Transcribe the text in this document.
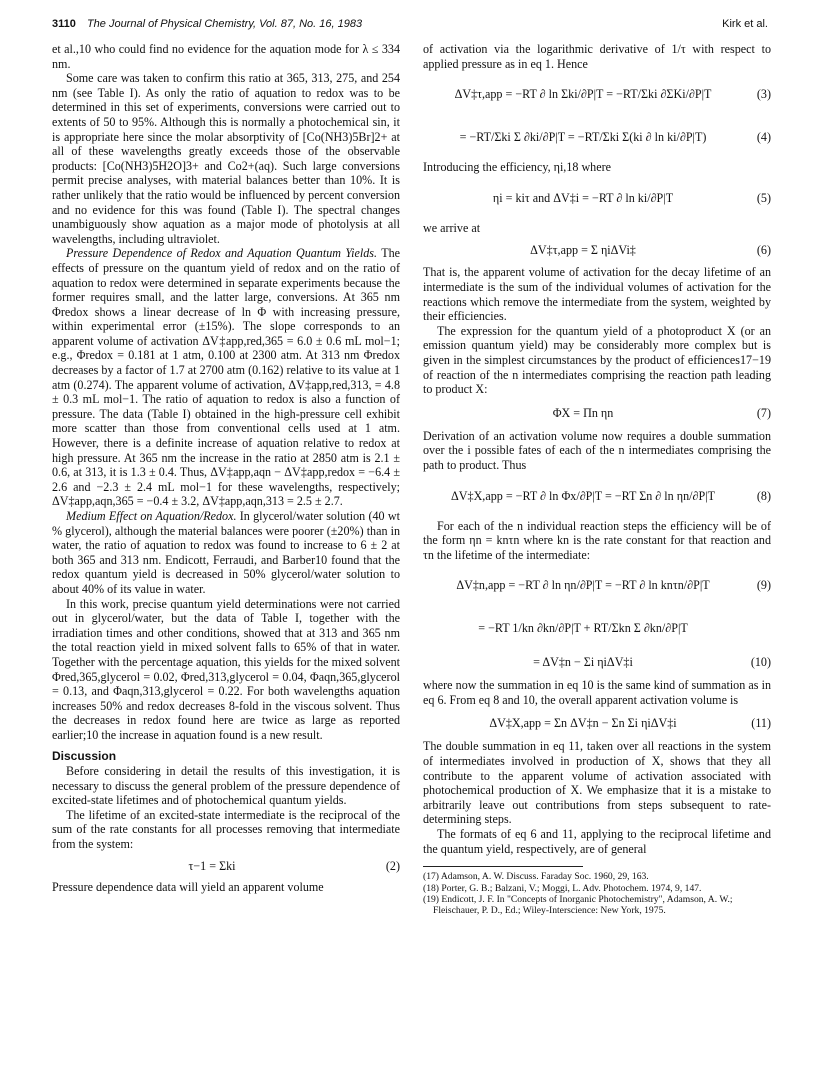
3110 The Journal of Physical Chemistry, Vol. 87, No. 16, 1983	Kirk et al.

et al.,10 who could find no evidence for the aquation mode for λ ≤ 334 nm.

Some care was taken to confirm this ratio at 365, 313, 275, and 254 nm (see Table I). As only the ratio of aquation to redox was to be determined in this set of experiments, conversions were carried out to extents of 50 to 95%. Although this is normally a photochemical sin, it is appropriate here since the molar absorptivity of [Co(NH3)5Br]2+ at all of these wavelengths greatly exceeds those of the observable products: [Co(NH3)5H2O]3+ and Co2+(aq). Such large conversions permit precise analyses, with material balances better than 10%. It is rather unlikely that the ratio would be influenced by percent conversion and no evidence for this was found (Table I). The spectral changes unambiguously show aquation as a major mode of photolysis at all wavelengths, including ultraviolet.

Pressure Dependence of Redox and Aquation Quantum Yields. The effects of pressure on the quantum yield of redox and on the ratio of aquation to redox were determined in separate experiments because the former requires small, and the latter large, conversions. At 365 nm Φredox shows a linear decrease of ln Φ with increasing pressure, within experimental error (±15%). The slope corresponds to an apparent volume of activation ΔV‡app,red,365 = 6.0 ± 0.6 mL mol−1; e.g., Φredox = 0.181 at 1 atm, 0.100 at 2300 atm. At 313 nm Φredox decreases by a factor of 1.7 at 2700 atm (0.162) relative to its value at 1 atm (0.274). The apparent volume of activation, ΔV‡app,red,313, = 4.8 ± 0.3 mL mol−1. The ratio of aquation to redox is also a function of pressure. The data (Table I) obtained in the high-pressure cell exhibit more scatter than those from conventional cells used at 1 atm. However, there is a definite increase of aquation relative to redox at high pressure. At 365 nm the increase in the ratio at 2850 atm is 2.1 ± 0.6, at 313, it is 1.3 ± 0.4. Thus, ΔV‡app,aqn − ΔV‡app,redox = −6.4 ± 2.6 and −2.3 ± 2.4 mL mol−1 for these wavelengths, respectively; ΔV‡app,aqn,365 = −0.4 ± 3.2, ΔV‡app,aqn,313 = 2.5 ± 2.7.

Medium Effect on Aquation/Redox. In glycerol/water solution (40 wt % glycerol), although the material balances were poorer (±20%) than in water, the ratio of aquation to redox was found to increase to 6 ± 2 at both 365 and 313 nm. Endicott, Ferraudi, and Barber10 found that the redox quantum yield is decreased in 50% glycerol/water solution to about 40% of its value in water.

In this work, precise quantum yield determinations were not carried out in glycerol/water, but the data of Table I, together with the irradiation times and other conditions, showed that at 313 and 365 nm the total reaction yield in mixed solvent falls to 65% of that in water. Together with the percentage aquation, this yields for the mixed solvent Φred,365,glycerol = 0.02, Φred,313,glycerol = 0.04, Φaqn,365,glycerol = 0.13, and Φaqn,313,glycerol = 0.22. For both wavelengths aquation increases 50% and redox decreases 8-fold in the viscous solvent. Thus the decreases in redox found here are twice as large as reported earlier;10 the increase in aquation found is a new result.

Discussion

Before considering in detail the results of this investigation, it is necessary to discuss the general problem of the pressure dependence of excited-state lifetimes and of photochemical quantum yields.

The lifetime of an excited-state intermediate is the reciprocal of the sum of the rate constants for all processes removing that intermediate from the system:

τ−1 = Σki	(2)

Pressure dependence data will yield an apparent volume

of activation via the logarithmic derivative of 1/τ with respect to applied pressure as in eq 1. Hence

ΔV‡τ,app = −RT ∂ ln Σki/∂P|T = −RT/Σki ∂ΣKi/∂P|T	(3)
= −RT/Σki Σ ∂ki/∂P|T = −RT/Σki Σ(ki ∂ ln ki/∂P|T)	(4)

Introducing the efficiency, ηi,18 where

ηi = kiτ and ΔV‡i = −RT ∂ ln ki/∂P|T	(5)

we arrive at

ΔV‡τ,app = Σ ηiΔVi‡	(6)

That is, the apparent volume of activation for the decay lifetime of an intermediate is the sum of the individual volumes of activation for the reactions which remove the intermediate from the system, weighted by their efficiencies.

The expression for the quantum yield of a photoproduct X (or an emission quantum yield) may be considerably more complex but is given in the simplest circumstances by the product of efficiences17−19 of reaction of the n intermediates comprising the reaction path leading to product X:

ΦX = Πn ηn	(7)

Derivation of an activation volume now requires a double summation over the i possible fates of each of the n intermediates comprising the path to product. Thus

ΔV‡X,app = −RT ∂ ln Φx/∂P|T = −RT Σn ∂ ln ηn/∂P|T	(8)

For each of the n individual reaction steps the efficiency will be of the form ηn = knτn where kn is the rate constant for that reaction and τn the lifetime of the intermediate:

ΔV‡n,app = −RT ∂ ln ηn/∂P|T = −RT ∂ ln knτn/∂P|T	(9)
= −RT 1/kn ∂kn/∂P|T + RT/Σkn Σ ∂kn/∂P|T
= ΔV‡n − Σi ηiΔV‡i	(10)

where now the summation in eq 10 is the same kind of summation as in eq 6. From eq 8 and 10, the overall apparent activation volume is

ΔV‡X,app = Σn ΔV‡n − Σn Σi ηiΔV‡i	(11)

The double summation in eq 11, taken over all reactions in the system of intermediates involved in production of X, shows that they all contribute to the apparent volume of activation associated with photochemical production of X. We emphasize that it is a mistake to arbitrarily leave out contributions from steps subsequent to rate-determining steps.

The formats of eq 6 and 11, applying to the reciprocal lifetime and the quantum yield, respectively, are of general

(17) Adamson, A. W. Discuss. Faraday Soc. 1960, 29, 163.
(18) Porter, G. B.; Balzani, V.; Moggi, L. Adv. Photochem. 1974, 9, 147.
(19) Endicott, J. F. In "Concepts of Inorganic Photochemistry", Adamson, A. W.; Fleischauer, P. D., Ed.; Wiley-Interscience: New York, 1975.
